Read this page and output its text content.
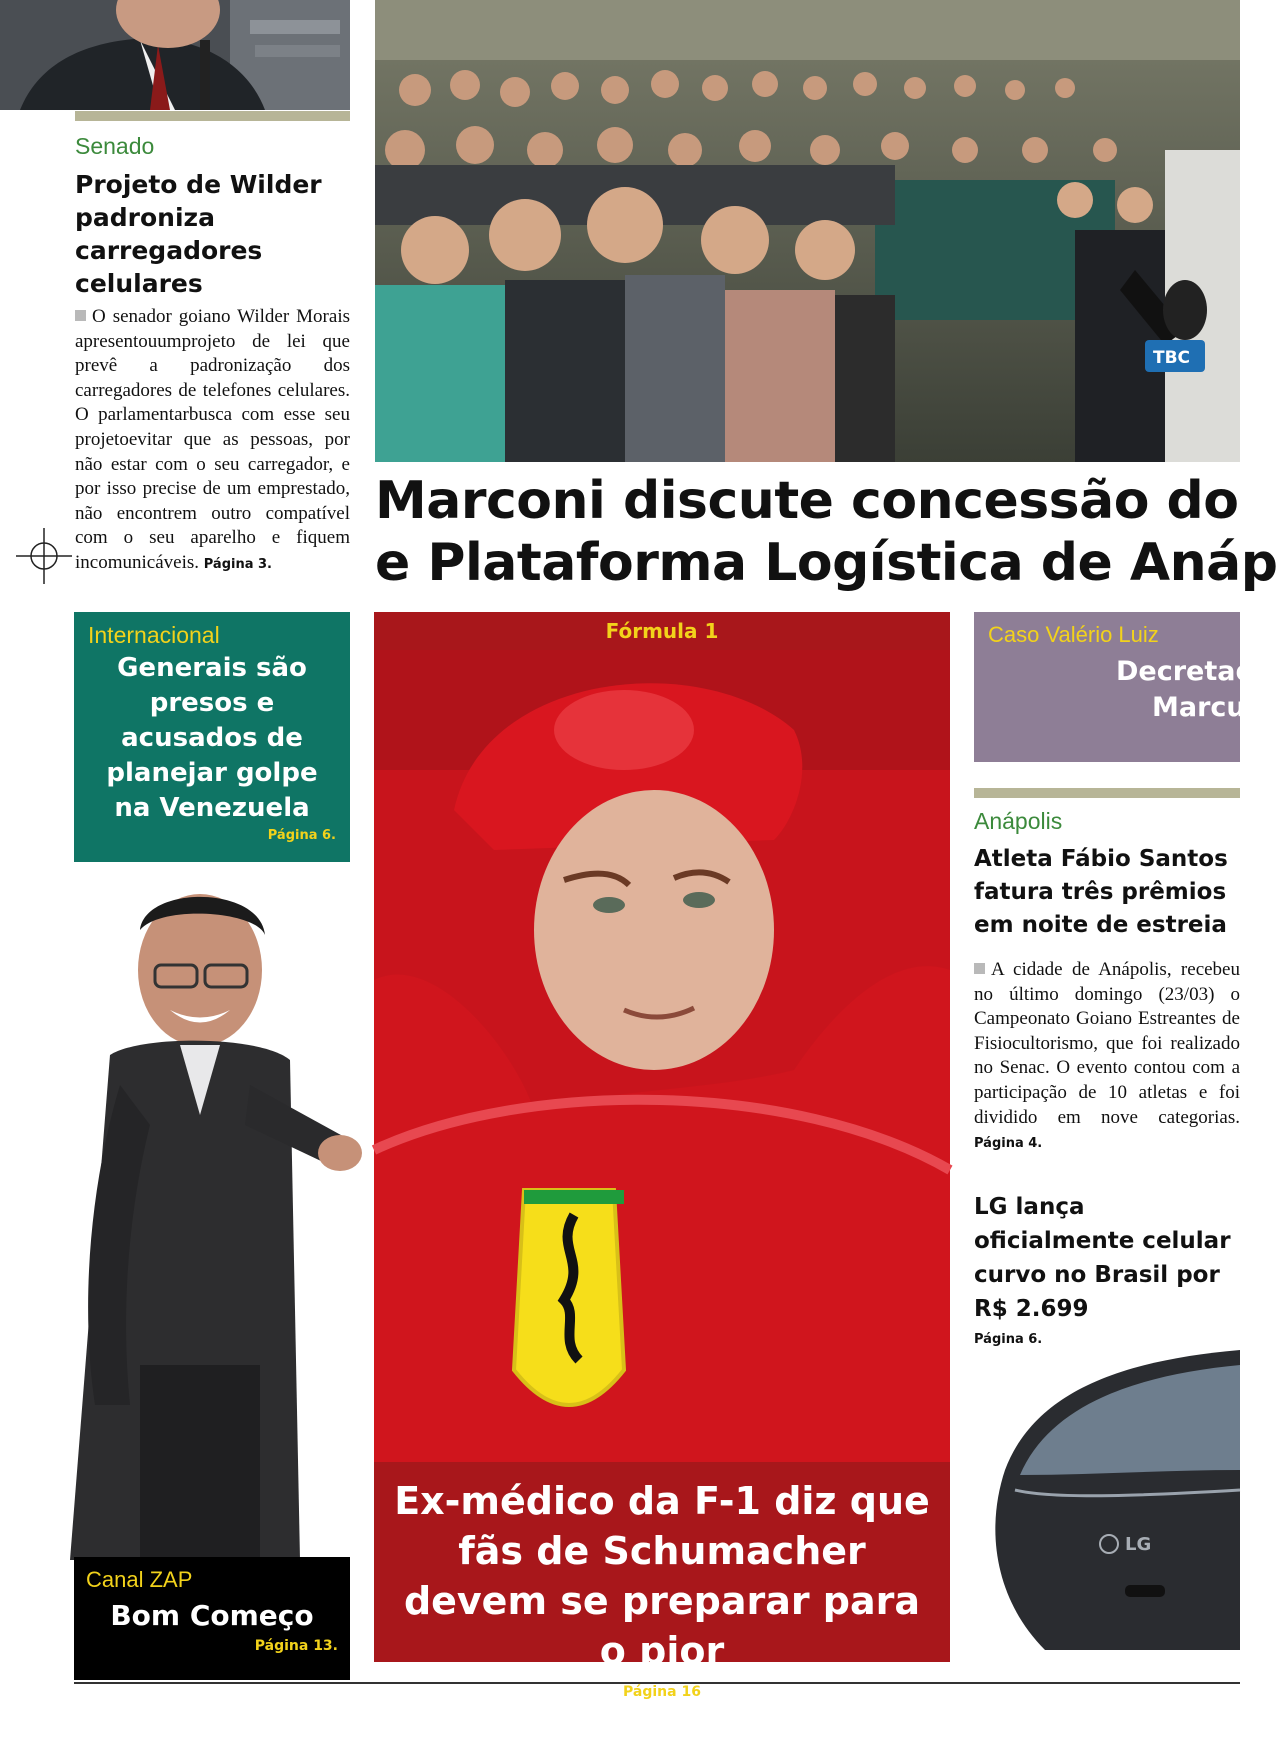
Senado
Projeto de Wilder padroniza carregadores celulares
O senador goiano Wilder Morais apresentouumprojeto de lei que prevê a padronização dos carregadores de telefones celulares. O parlamentarbusca com esse seu projetoevitar que as pessoas, por não estar com o seu carregador, e por isso precise de um emprestado, não encontrem outro compatível com o seu aparelho e fiquem incomunicáveis. Página 3.
TBC
Marconi discute concessão do
e Plataforma Logística de Anáp
Internacional
Generais são presos e acusados de planejar golpe na Venezuela
Página 6.
Canal ZAP
Bom Começo
Página 13.
Fórmula 1
Ex-médico da F-1 diz que fãs de Schumacher devem se preparar para o pior
Página 16
Caso Valério Luiz
Decretad
Marcus
Anápolis
Atleta Fábio Santos fatura três prêmios em noite de estreia
A cidade de Anápolis, recebeu no último domingo (23/03) o Campeonato Goiano Estreantes de Fisiocultorismo, que foi realizado no Senac. O evento contou com a participação de 10 atletas e foi dividido em nove categorias. Página 4.
LG lança oficialmente celular curvo no Brasil por R$ 2.699
Página 6.
LG
